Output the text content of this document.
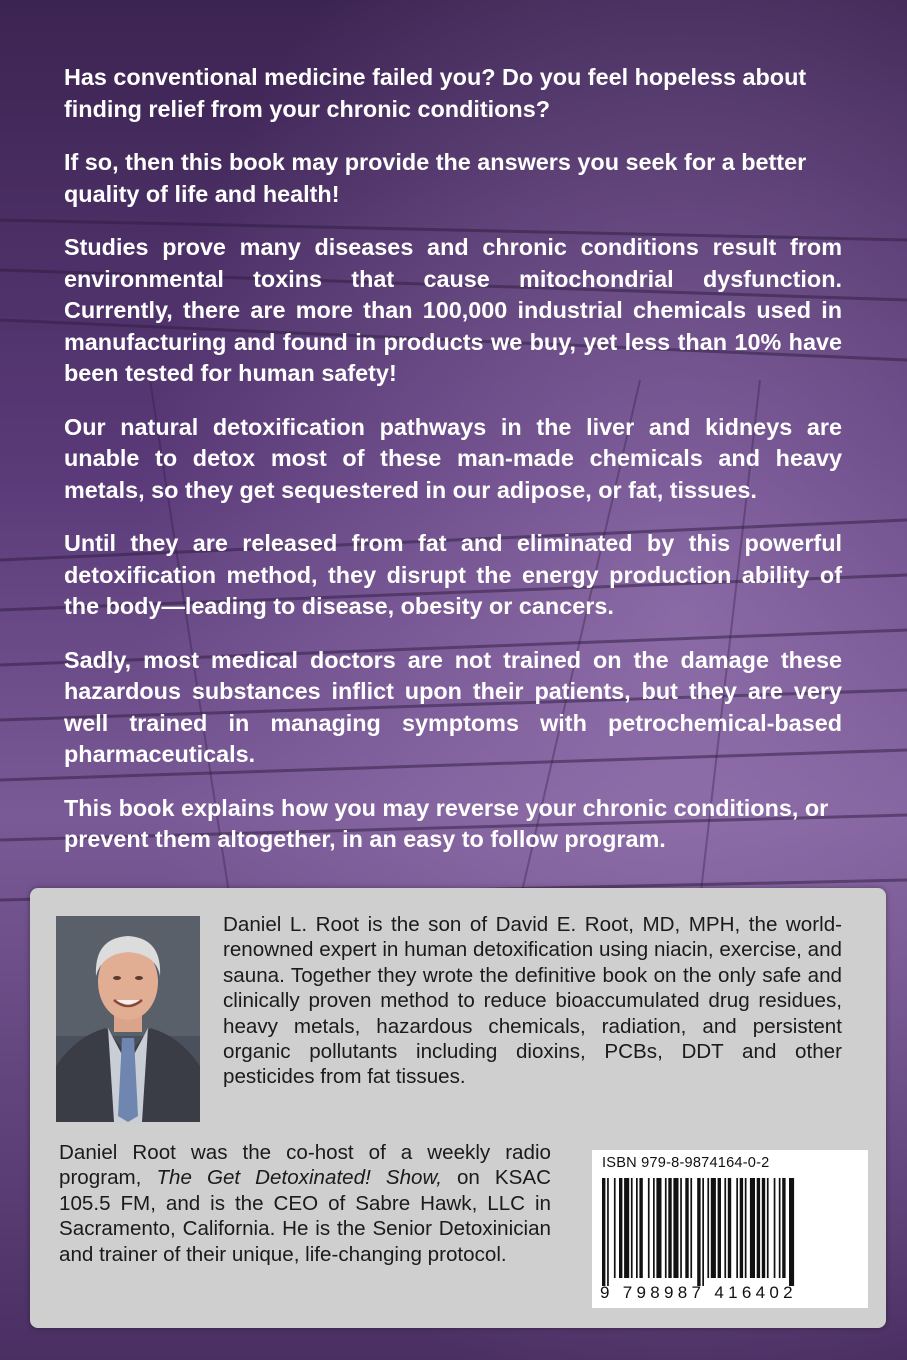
Has conventional medicine failed you? Do you feel hopeless about finding relief from your chronic conditions?

If so, then this book may provide the answers you seek for a better quality of life and health!

Studies prove many diseases and chronic conditions result from environmental toxins that cause mitochondrial dysfunction. Currently, there are more than 100,000 industrial chemicals used in manufacturing and found in products we buy, yet less than 10% have been tested for human safety!

Our natural detoxification pathways in the liver and kidneys are unable to detox most of these man-made chemicals and heavy metals, so they get sequestered in our adipose, or fat, tissues.

Until they are released from fat and eliminated by this powerful detoxification method, they disrupt the energy production ability of the body—leading to disease, obesity or cancers.

Sadly, most medical doctors are not trained on the damage these hazardous substances inflict upon their patients, but they are very well trained in managing symptoms with petrochemical-based pharmaceuticals.

This book explains how you may reverse your chronic conditions, or prevent them altogether, in an easy to follow program.

Daniel L. Root is the son of David E. Root, MD, MPH, the world-renowned expert in human detoxification using niacin, exercise, and sauna. Together they wrote the definitive book on the only safe and clinically proven method to reduce bioaccumulated drug residues, heavy metals, hazardous chemicals, radiation, and persistent organic pollutants including dioxins, PCBs, DDT and other pesticides from fat tissues.
Daniel Root was the co-host of a weekly radio program, The Get Detoxinated! Show, on KSAC 105.5 FM, and is the CEO of Sabre Hawk, LLC in Sacramento, California. He is the Senior Detoxinician and trainer of their unique, life-changing protocol.
ISBN 979-8-9874164-0-2
9 798987 416402
